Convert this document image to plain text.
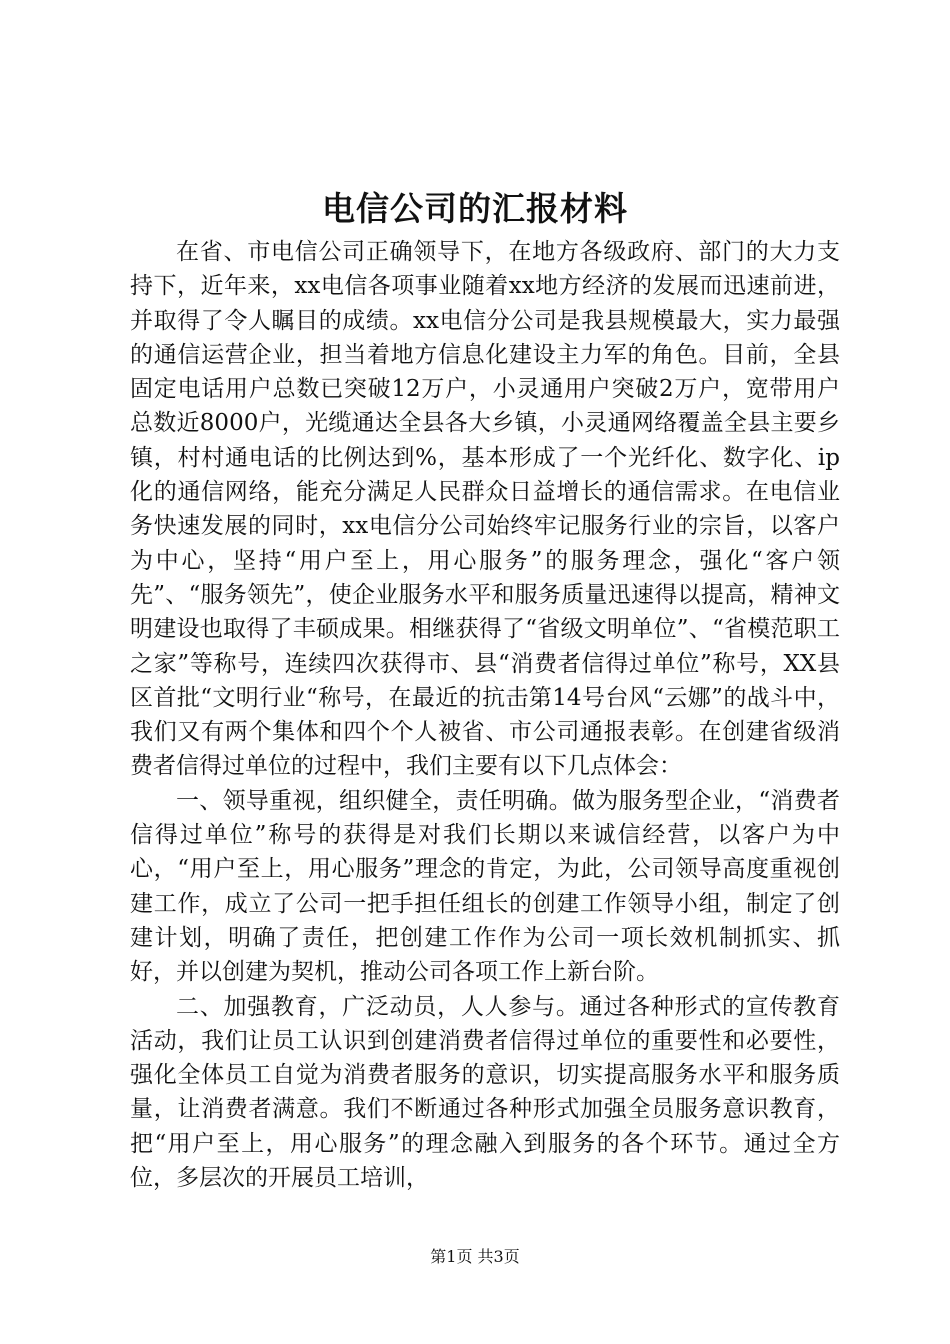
电信公司的汇报材料

在省、市电信公司正确领导下，在地方各级政府、部门的大力支持下，近年来，xx电信各项事业随着xx地方经济的发展而迅速前进，并取得了令人瞩目的成绩。xx电信分公司是我县规模最大，实力最强的通信运营企业，担当着地方信息化建设主力军的角色。目前，全县固定电话用户总数已突破12万户，小灵通用户突破2万户，宽带用户总数近8000户，光缆通达全县各大乡镇，小灵通网络覆盖全县主要乡镇，村村通电话的比例达到%，基本形成了一个光纤化、数字化、ip化的通信网络，能充分满足人民群众日益增长的通信需求。在电信业务快速发展的同时，xx电信分公司始终牢记服务行业的宗旨，以客户为中心，坚持“用户至上，用心服务”的服务理念，强化“客户领先”、“服务领先”，使企业服务水平和服务质量迅速得以提高，精神文明建设也取得了丰硕成果。相继获得了“省级文明单位”、“省模范职工之家”等称号，连续四次获得市、县“消费者信得过单位”称号，XX县区首批“文明行业“称号，在最近的抗击第14号台风“云娜”的战斗中，我们又有两个集体和四个个人被省、市公司通报表彰。在创建省级消费者信得过单位的过程中，我们主要有以下几点体会：

一、领导重视，组织健全，责任明确。做为服务型企业，“消费者信得过单位”称号的获得是对我们长期以来诚信经营，以客户为中心，“用户至上，用心服务”理念的肯定，为此，公司领导高度重视创建工作，成立了公司一把手担任组长的创建工作领导小组，制定了创建计划，明确了责任，把创建工作作为公司一项长效机制抓实、抓好，并以创建为契机，推动公司各项工作上新台阶。

二、加强教育，广泛动员，人人参与。通过各种形式的宣传教育活动，我们让员工认识到创建消费者信得过单位的重要性和必要性，强化全体员工自觉为消费者服务的意识，切实提高服务水平和服务质量，让消费者满意。我们不断通过各种形式加强全员服务意识教育，把“用户至上，用心服务”的理念融入到服务的各个环节。通过全方位，多层次的开展员工培训，

第1页 共3页
